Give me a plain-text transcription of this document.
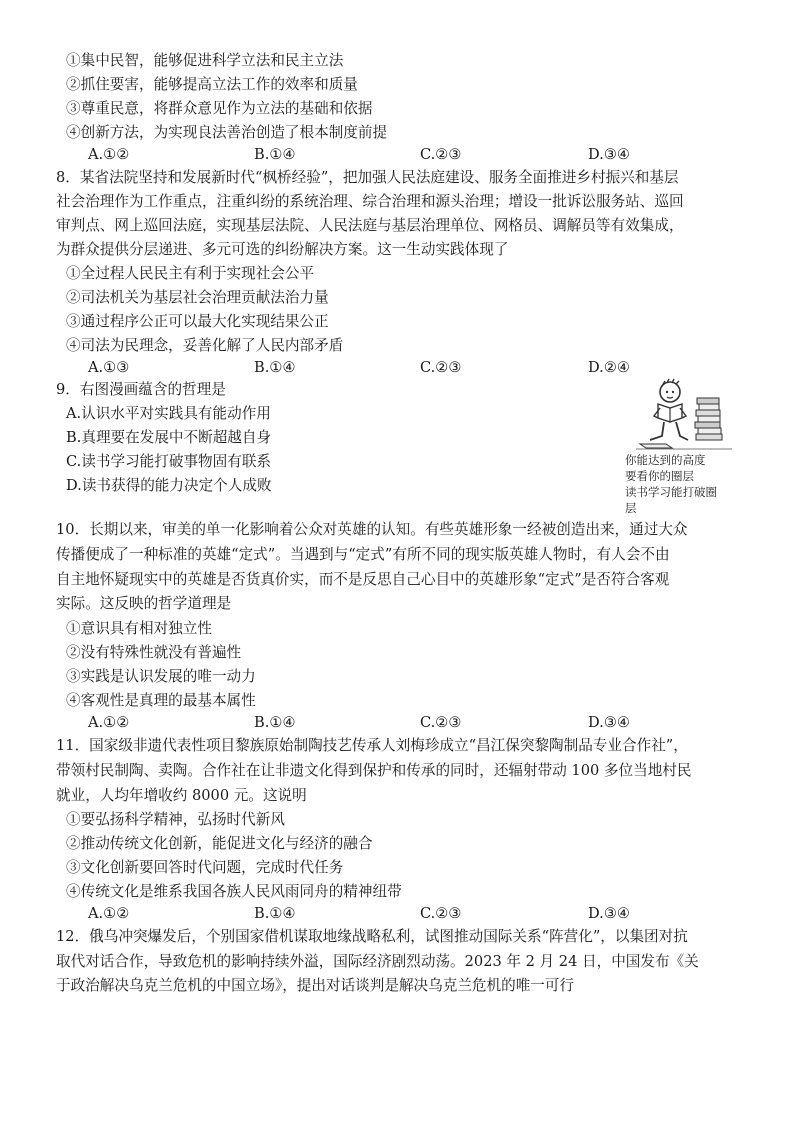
①集中民智，能够促进科学立法和民主立法
②抓住要害，能够提高立法工作的效率和质量
③尊重民意，将群众意见作为立法的基础和依据
④创新方法，为实现良法善治创造了根本制度前提
A.①②	B.①④	C.②③	D.③④
8．某省法院坚持和发展新时代“枫桥经验”，把加强人民法庭建设、服务全面推进乡村振兴和基层
社会治理作为工作重点，注重纠纷的系统治理、综合治理和源头治理；增设一批诉讼服务站、巡回
审判点、网上巡回法庭，实现基层法院、人民法庭与基层治理单位、网格员、调解员等有效集成，
为群众提供分层递进、多元可选的纠纷解决方案。这一生动实践体现了
①全过程人民民主有利于实现社会公平
②司法机关为基层社会治理贡献法治力量
③通过程序公正可以最大化实现结果公正
④司法为民理念，妥善化解了人民内部矛盾
A.①③	B.①④	C.②③	D.②④
9．右图漫画蕴含的哲理是
A.认识水平对实践具有能动作用
B.真理要在发展中不断超越自身
C.读书学习能打破事物固有联系
D.读书获得的能力决定个人成败
你能达到的高度
要看你的圈层
读书学习能打破圈
层
10．长期以来，审美的单一化影响着公众对英雄的认知。有些英雄形象一经被创造出来，通过大众
传播便成了一种标准的英雄“定式”。当遇到与“定式”有所不同的现实版英雄人物时，有人会不由
自主地怀疑现实中的英雄是否货真价实，而不是反思自己心目中的英雄形象“定式”是否符合客观
实际。这反映的哲学道理是
①意识具有相对独立性
②没有特殊性就没有普遍性
③实践是认识发展的唯一动力
④客观性是真理的最基本属性
A.①②	B.①④	C.②③	D.③④
11．国家级非遗代表性项目黎族原始制陶技艺传承人刘梅珍成立“昌江保突黎陶制品专业合作社”，
带领村民制陶、卖陶。合作社在让非遗文化得到保护和传承的同时，还辐射带动 100 多位当地村民
就业，人均年增收约 8000 元。这说明
①要弘扬科学精神，弘扬时代新风
②推动传统文化创新，能促进文化与经济的融合
③文化创新要回答时代问题，完成时代任务
④传统文化是维系我国各族人民风雨同舟的精神纽带
A.①②	B.①④	C.②③	D.③④
12．俄乌冲突爆发后，个别国家借机谋取地缘战略私利，试图推动国际关系“阵营化”，以集团对抗
取代对话合作，导致危机的影响持续外溢，国际经济剧烈动荡。2023 年 2 月 24 日，中国发布《关
于政治解决乌克兰危机的中国立场》，提出对话谈判是解决乌克兰危机的唯一可行
